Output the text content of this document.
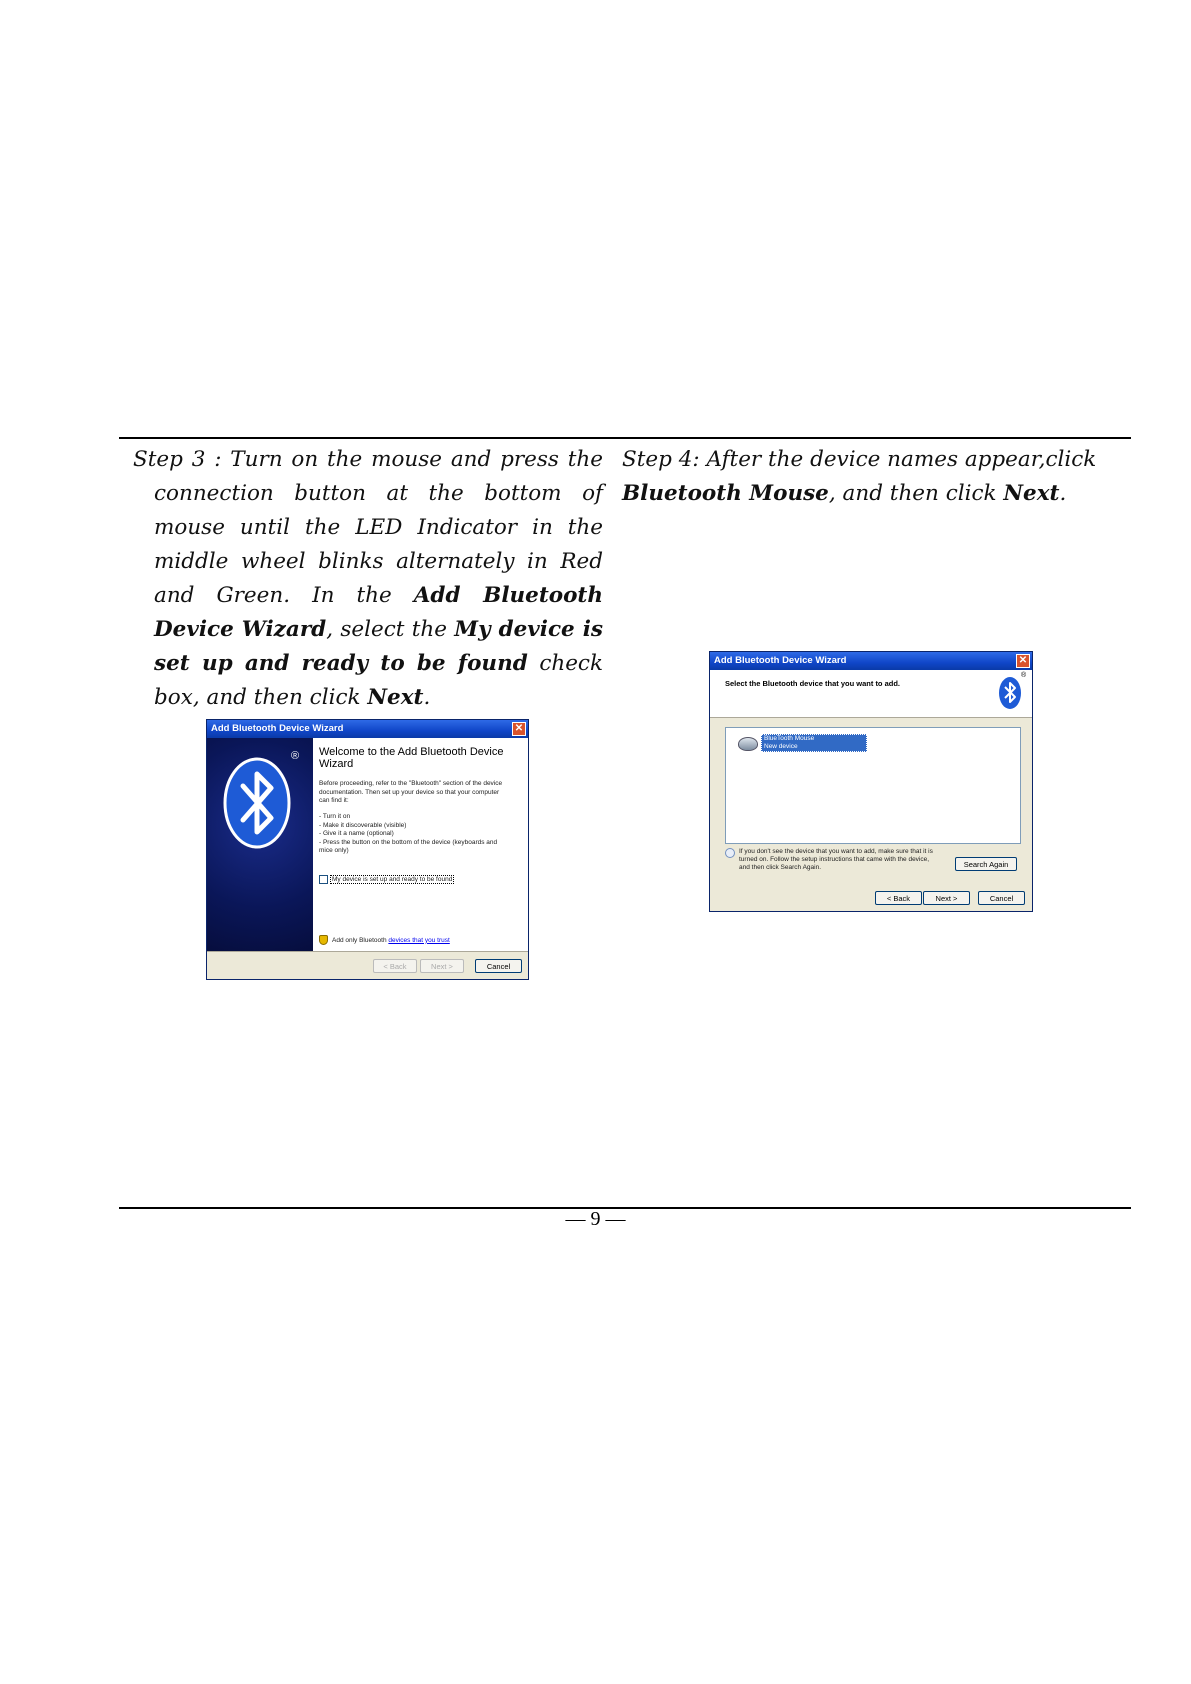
Step 3 : Turn on the mouse and press the connection button at the bottom of mouse until the LED Indicator in the middle wheel blinks alternately in Red and Green. In the Add Bluetooth Device Wizard, select the My device is set up and ready to be found check box, and then click Next.
Step 4: After the device names appear,click Bluetooth Mouse, and then click Next.
Add Bluetooth Device Wizard	✕
® Welcome to the Add Bluetooth Device Wizard
Before proceeding, refer to the "Bluetooth" section of the device documentation. Then set up your device so that your computer can find it:
- Turn it on
- Make it discoverable (visible)
- Give it a name (optional)
- Press the button on the bottom of the device (keyboards and mice only)
My device is set up and ready to be found
Add only Bluetooth devices that you trust
< Back	Next >	Cancel
Add Bluetooth Device Wizard	✕
Select the Bluetooth device that you want to add.
®
BlueTooth Mouse
New device
If you don't see the device that you want to add, make sure that it is turned on. Follow the setup instructions that came with the device, and then click Search Again.	Search Again
< Back	Next >	Cancel
— 9 —
